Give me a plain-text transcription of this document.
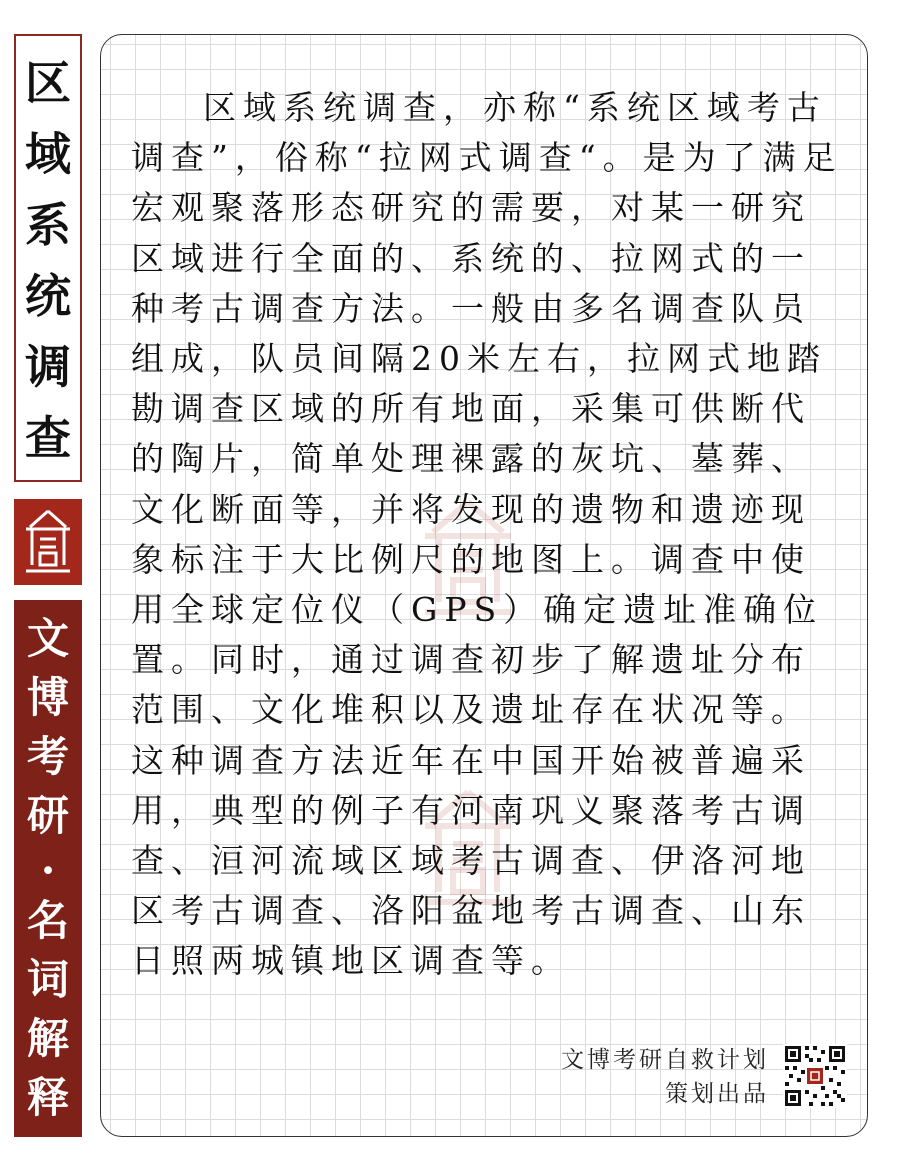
区
域
系
统
调
查
文
博
考
研
·
名
词
解
释

区域系统调查，亦称“系统区域考古调查”，俗称“拉网式调查“。是为了满足宏观聚落形态研究的需要，对某一研究区域进行全面的、系统的、拉网式的一种考古调查方法。一般由多名调查队员组成，队员间隔20米左右，拉网式地踏勘调查区域的所有地面，采集可供断代的陶片，简单处理裸露的灰坑、墓葬、文化断面等，并将发现的遗物和遗迹现象标注于大比例尺的地图上。调查中使用全球定位仪（GPS）确定遗址准确位置。同时，通过调查初步了解遗址分布范围、文化堆积以及遗址存在状况等。这种调查方法近年在中国开始被普遍采用，典型的例子有河南巩义聚落考古调查、洹河流域区域考古调查、伊洛河地区考古调查、洛阳盆地考古调查、山东日照两城镇地区调查等。

文博考研自救计划
策划出品
